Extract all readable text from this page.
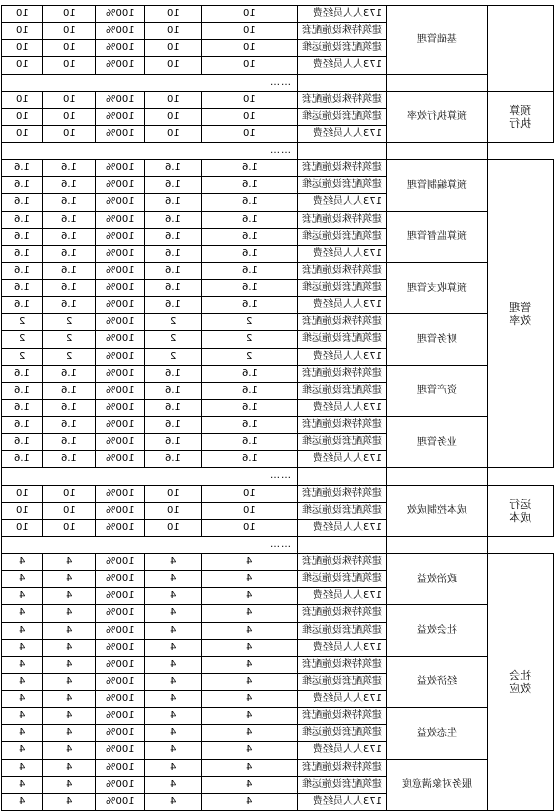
10	10	100%	10	10	173人人员经费	基础管理	
10	10	100%	10	10	建筑特殊设施配套		
10	10	100%	10	10	建筑配套设施运维		
10	10	100%	10	10	173人人员经费		
……							
10	10	100%	10	10	建筑特殊设施配套	预算执行效率	预算执行
10	10	100%	10	10	建筑配套设施运维		
10	10	100%	10	10	173人人员经费		
……							
1.6	1.6	100%	1.6	1.6	建筑特殊设施配套	预算编制管理	管理效率
1.6	1.6	100%	1.6	1.6	建筑配套设施运维		
1.6	1.6	100%	1.6	1.6	173人人员经费		
1.6	1.6	100%	1.6	1.6	建筑特殊设施配套	预算监督管理	
1.6	1.6	100%	1.6	1.6	建筑配套设施运维		
1.6	1.6	100%	1.6	1.6	173人人员经费		
1.6	1.6	100%	1.6	1.6	建筑特殊设施配套	预算收支管理	
1.6	1.6	100%	1.6	1.6	建筑配套设施运维		
1.6	1.6	100%	1.6	1.6	173人人员经费		
2	2	100%	2	2	建筑特殊设施配套	财务管理	
2	2	100%	2	2	建筑配套设施运维		
2	2	100%	2	2	173人人员经费		
1.6	1.6	100%	1.6	1.6	建筑特殊设施配套	资产管理	
1.6	1.6	100%	1.6	1.6	建筑配套设施运维		
1.6	1.6	100%	1.6	1.6	173人人员经费		
1.6	1.6	100%	1.6	1.6	建筑特殊设施配套	业务管理	
1.6	1.6	100%	1.6	1.6	建筑配套设施运维		
1.6	1.6	100%	1.6	1.6	173人人员经费		
……							
10	10	100%	10	10	建筑特殊设施配套	成本控制成效	运行成本
10	10	100%	10	10	建筑配套设施运维		
10	10	100%	10	10	173人人员经费		
……							
4	4	100%	4	4	建筑特殊设施配套	政治效益	社会效应
4	4	100%	4	4	建筑配套设施运维		
4	4	100%	4	4	173人人员经费		
4	4	100%	4	4	建筑特殊设施配套	社会效益	
4	4	100%	4	4	建筑配套设施运维		
4	4	100%	4	4	173人人员经费		
4	4	100%	4	4	建筑特殊设施配套	经济效益	
4	4	100%	4	4	建筑配套设施运维		
4	4	100%	4	4	173人人员经费		
4	4	100%	4	4	建筑特殊设施配套	生态效益	
4	4	100%	4	4	建筑配套设施运维		
4	4	100%	4	4	173人人员经费		
4	4	100%	4	4	建筑特殊设施配套	服务对象满意度	
4	4	100%	4	4	建筑配套设施运维		
4	4	100%	4	4	173人人员经费		
